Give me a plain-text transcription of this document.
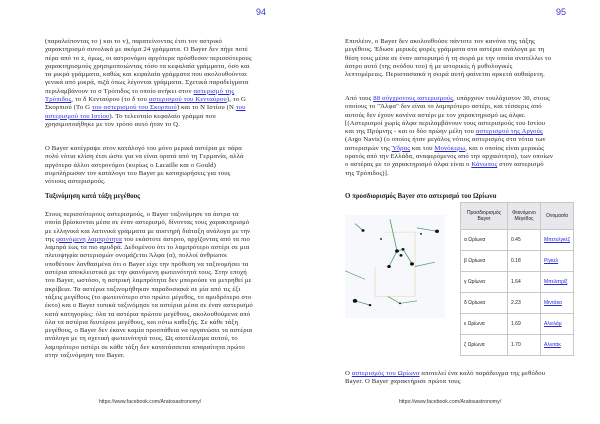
94
(παραλείποντας το j και το v), παρατείνοντας έτσι τον αστρικό χαρακτηρισμό συνολικά με ακόμα 24 γράμματα. Ο Bayer δεν πήγε ποτέ πέρα από το z, όμως, οι αστρονόμοι αργότερα πρόσθεσαν περισσότερους χαρακτηρισμούς χρησιμοποιώντας τόσο τα κεφαλαία γράμματα, όσο και τα μικρά γράμματα, καθώς και κεφαλαία γράμματα που ακολουθούνται γενικά από μικρά, πιζά όπως λέγονται γράμματα. Σχετικά παραδείγματα περιλαμβάνουν το σ Τρόπιδος το οποίο ανήκει στον αστερισμό της Τρόπιδος, το δ Κενταύρου (το δ του αστερισμού του Κενταύρου), το G Σκορπιού (Το G του αστερισμού του Σκορπιού) και το N Ιστίου (N του αστερισμού του Ιστίου). Το τελευταίο κεφαλαίο γράμμα που χρησιμοποιήθηκε με τον τρόπο αυτό ήταν το Q.
Ο Bayer κατέγραψε στον κατάλογό του μόνο μερικά αστέρια με πάρα πολύ νότια κλίση έτσι ώστε για να είναι ορατά από τη Γερμανία, αλλά αργότερα άλλοι αστρονόμοι (κυρίως ο Lacaille και ο Gould) συμπλήρωσαν τον κατάλογο του Bayer με καταχωρήσεις για τους νότιους αστερισμούς.
Ταξινόμηση κατά τάξη μεγέθους
Στους περισσότερους αστερισμούς, ο Bayer ταξινόμησε τα άστρα τα οποία βρίσκονται μέσα σε έναν αστερισμό, δίνοντας τους χαρακτηρισμό με ελληνικά και λατινικά γράμματα με αυστηρή διάταξη ανάλογα με την της φαινόμενη λαμπρότητα του εκάστοτε άστρου, αρχίζοντας από τα πιο λαμπρά έως τα πιο αμυδρά. Δεδομένου ότι το λαμπρότερο αστέρι σε μια πλειοψηφία αστερισμών ονομάζεται Άλφα (α), πολλοί άνθρωποι υποθέτουν λανθασμένα ότι ο Bayer είχε την πρόθεση να ταξινομήσει τα αστέρια αποκλειστικά με την φαινόμενη φωτεινότητά τους. Στην εποχή του Bayer, ωστόσο, η αστρική λαμπρότητα δεν μπορούσε να μετρηθεί με ακρίβεια. Τα αστέρια ταξινομήθηκαν παραδοσιακά σε μία από τις έξι τάξεις μεγέθους (το φωτεινότερο στο πρώτο μέγεθος, το αμυδρότερο στο έκτο) και ο Bayer τυπικά ταξινόμησε τα αστέρια μέσα σε έναν αστερισμό κατά κατηγορίες: όλα τα αστέρια πρώτου μεγέθους, ακολουθούμενα από όλα τα αστέρια δευτέρου μεγέθους, και ούτω καθεξής. Σε κάθε τάξη μεγέθους, ο Bayer δεν έκανε καμία προσπάθεια να οργανώσει τα αστέρια ανάλογα με τη σχετική φωτεινότητά τους. Ως αποτέλεσμα αυτού, το λαμπρότερο αστέρι σε κάθε τάξη δεν κατατάσσεται απαραίτητα πρώτο στην ταξινόμηση του Bayer.
https://www.facebook.com/Aratosastronomy/
95
Επιπλέον, ο Bayer δεν ακολουθούσε πάντοτε τον κανόνα της τάξης μεγέθους. Έδωσε μερικές φορές γράμματα στα αστέρια ανάλογα με τη θέση τους μέσα σε έναν αστερισμό ή τη σειρά με την οποία ανατέλλει το άστρο αυτό (της ανόδου του) ή με ιστορικές ή μυθολογικές λεπτομέρειες. Περιστασιακά η σειρά αυτή φαίνεται αρκετά αυθαίρετη.
Από τους 88 σύγχρονους αστερισμούς, υπάρχουν τουλάχιστον 30, στους οποίους το "Άλφα" δεν είναι το λαμπρότερο αστέρι, και τέσσερις από αυτούς δεν έχουν κανένα αστέρι με τον χαρακτηρισμό ως άλφα. [(Αστερισμοί χωρίς άλφα περιλαμβάνουν τους αστερισμούς του Ιστίου και της Πρύμνης - και οι δύο πρώην μέλη του αστερισμού της Αργούς (Argo Navis) (ο οποίος ήταν μεγάλος νότιος αστερισμός στα νότια των αστερισμών της Ύδρας και του Μονόκερω, και ο οποίος είναι μερικώς ορατός από την Ελλάδα, αναφερόμενος από την αρχαιότητα), των οποίων ο αστέρας με το χαρακτηρισμό άλφα είναι ο Κάνωπος στον αστερισμό της Τρόπιδος)].
Ο προσδιορισμός Bayer στο αστερισμό του Ωρίωνα
Προσδιορισμός Bayer	Φαινόμενο Μέγεθος	Ονομασία
α Ωρίωνα	0.45	Μπετελγκέζ
β Ωρίωνα	0.18	Ρίγκελ
γ Ωρίωνα	1.64	Μπελατρίξ
δ Ωρίωνα	2.23	Μιντάκα
ε Ωρίωνα	1.69	Αλνιλάμ
ζ Ωρίωνα	1.70	Αλνιτάκ
Ο αστερισμός του Ωρίωνα αποτελεί ένα καλό παράδειγμα της μεθόδου Bayer. Ο Bayer χαρακτήρισε πρώτα τους
https://www.facebook.com/Aratosastronomy/
